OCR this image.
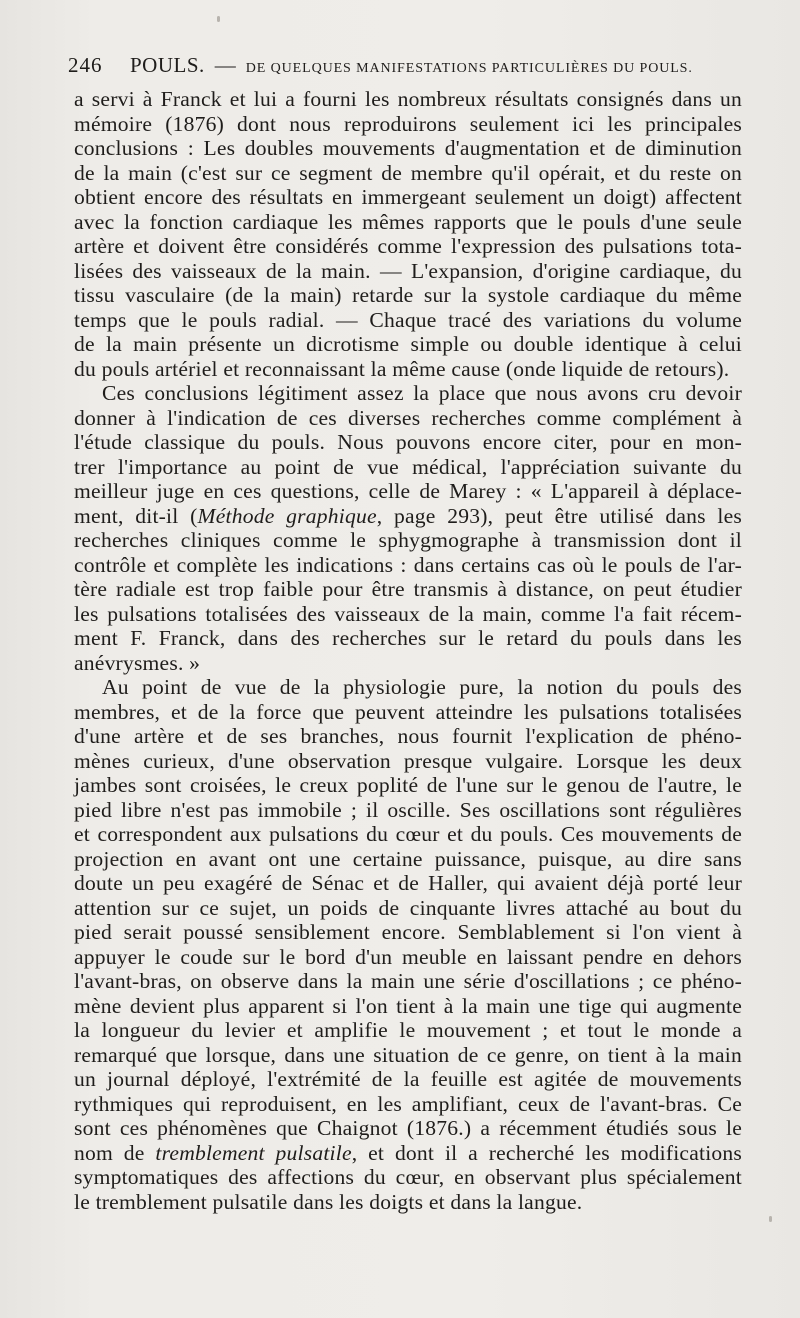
246	POULS. — DE QUELQUES MANIFESTATIONS PARTICULIÈRES DU POULS.
a servi à Franck et lui a fourni les nombreux résultats consignés dans un
mémoire (1876) dont nous reproduirons seulement ici les principales
conclusions : Les doubles mouvements d'augmentation et de diminution
de la main (c'est sur ce segment de membre qu'il opérait, et du reste on
obtient encore des résultats en immergeant seulement un doigt) affectent
avec la fonction cardiaque les mêmes rapports que le pouls d'une seule
artère et doivent être considérés comme l'expression des pulsations tota-
lisées des vaisseaux de la main. — L'expansion, d'origine cardiaque, du
tissu vasculaire (de la main) retarde sur la systole cardiaque du même
temps que le pouls radial. — Chaque tracé des variations du volume
de la main présente un dicrotisme simple ou double identique à celui
du pouls artériel et reconnaissant la même cause (onde liquide de retours).
Ces conclusions légitiment assez la place que nous avons cru devoir
donner à l'indication de ces diverses recherches comme complément à
l'étude classique du pouls. Nous pouvons encore citer, pour en mon-
trer l'importance au point de vue médical, l'appréciation suivante du
meilleur juge en ces questions, celle de Marey : « L'appareil à déplace-
ment, dit-il (Méthode graphique, page 293), peut être utilisé dans les
recherches cliniques comme le sphygmographe à transmission dont il
contrôle et complète les indications : dans certains cas où le pouls de l'ar-
tère radiale est trop faible pour être transmis à distance, on peut étudier
les pulsations totalisées des vaisseaux de la main, comme l'a fait récem-
ment F. Franck, dans des recherches sur le retard du pouls dans les
anévrysmes. »
Au point de vue de la physiologie pure, la notion du pouls des
membres, et de la force que peuvent atteindre les pulsations totalisées
d'une artère et de ses branches, nous fournit l'explication de phéno-
mènes curieux, d'une observation presque vulgaire. Lorsque les deux
jambes sont croisées, le creux poplité de l'une sur le genou de l'autre, le
pied libre n'est pas immobile ; il oscille. Ses oscillations sont régulières
et correspondent aux pulsations du cœur et du pouls. Ces mouvements de
projection en avant ont une certaine puissance, puisque, au dire sans
doute un peu exagéré de Sénac et de Haller, qui avaient déjà porté leur
attention sur ce sujet, un poids de cinquante livres attaché au bout du
pied serait poussé sensiblement encore. Semblablement si l'on vient à
appuyer le coude sur le bord d'un meuble en laissant pendre en dehors
l'avant-bras, on observe dans la main une série d'oscillations ; ce phéno-
mène devient plus apparent si l'on tient à la main une tige qui augmente
la longueur du levier et amplifie le mouvement ; et tout le monde a
remarqué que lorsque, dans une situation de ce genre, on tient à la main
un journal déployé, l'extrémité de la feuille est agitée de mouvements
rythmiques qui reproduisent, en les amplifiant, ceux de l'avant-bras. Ce
sont ces phénomènes que Chaignot (1876.) a récemment étudiés sous le
nom de tremblement pulsatile, et dont il a recherché les modifications
symptomatiques des affections du cœur, en observant plus spécialement
le tremblement pulsatile dans les doigts et dans la langue.
